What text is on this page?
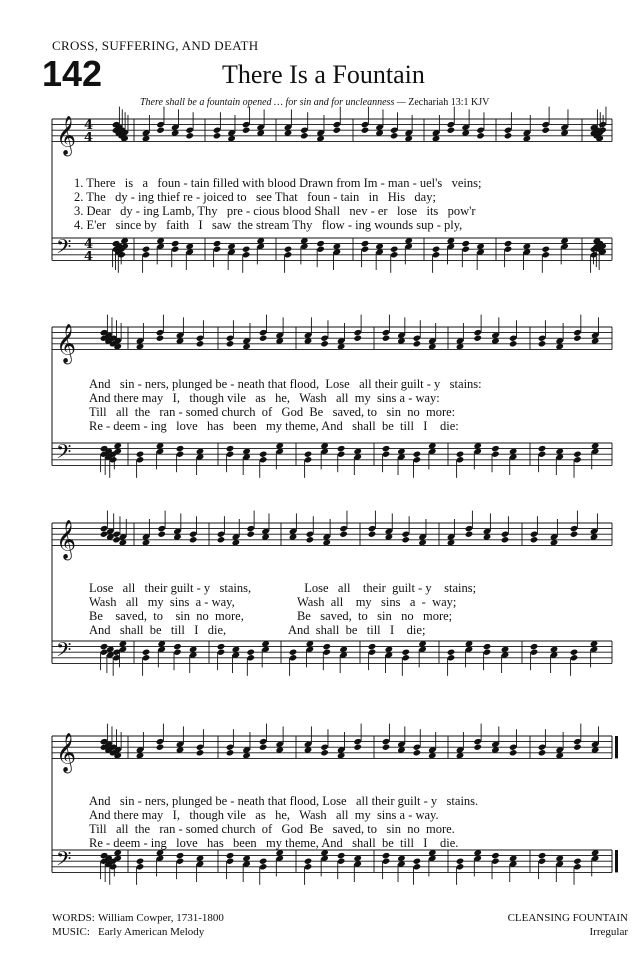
CROSS, SUFFERING, AND DEATH
142	There Is a Fountain
There shall be a fountain opened … for sin and for uncleanness — Zechariah 13:1 KJV
𝄞 4
4
𝄢 4
4
𝄞
𝄢
𝄞
𝄢
𝄞
𝄢
1. There   is   a   foun - tain filled with blood Drawn from Im - man - uel's   veins;
2. The   dy - ing thief re - joiced to   see That   foun - tain   in   His   day;
3. Dear   dy - ing Lamb, Thy   pre - cious blood Shall   nev - er   lose   its   pow'r
4. E'er   since by   faith   I   saw  the stream Thy   flow - ing wounds sup - ply,
And   sin - ners, plunged be - neath that flood,  Lose   all their guilt - y   stains:
And there may   I,   though vile   as   he,   Wash   all  my  sins a - way:
Till   all  the   ran - somed church  of   God  Be   saved, to   sin  no  more:
Re - deem - ing   love   has   been   my theme, And   shall  be  till   I    die:
Lose   all   their guilt - y   stains,                 Lose   all    their  guilt - y    stains;
Wash   all   my  sins  a - way,                    Wash  all    my   sins   a  -  way;
Be    saved,  to    sin  no  more,                 Be   saved,  to   sin   no   more;
And   shall  be   till   I   die,                    And  shall  be   till   I    die;
And   sin - ners, plunged be - neath that flood, Lose   all their guilt - y   stains.
And there may   I,   though vile   as   he,   Wash   all  my  sins a - way.
Till   all  the   ran - somed church  of   God  Be   saved, to   sin  no  more.
Re - deem - ing   love   has   been   my theme, And   shall  be  till   I    die.
WORDS: William Cowper, 1731-1800
MUSIC: Early American Melody
CLEANSING FOUNTAIN
Irregular
